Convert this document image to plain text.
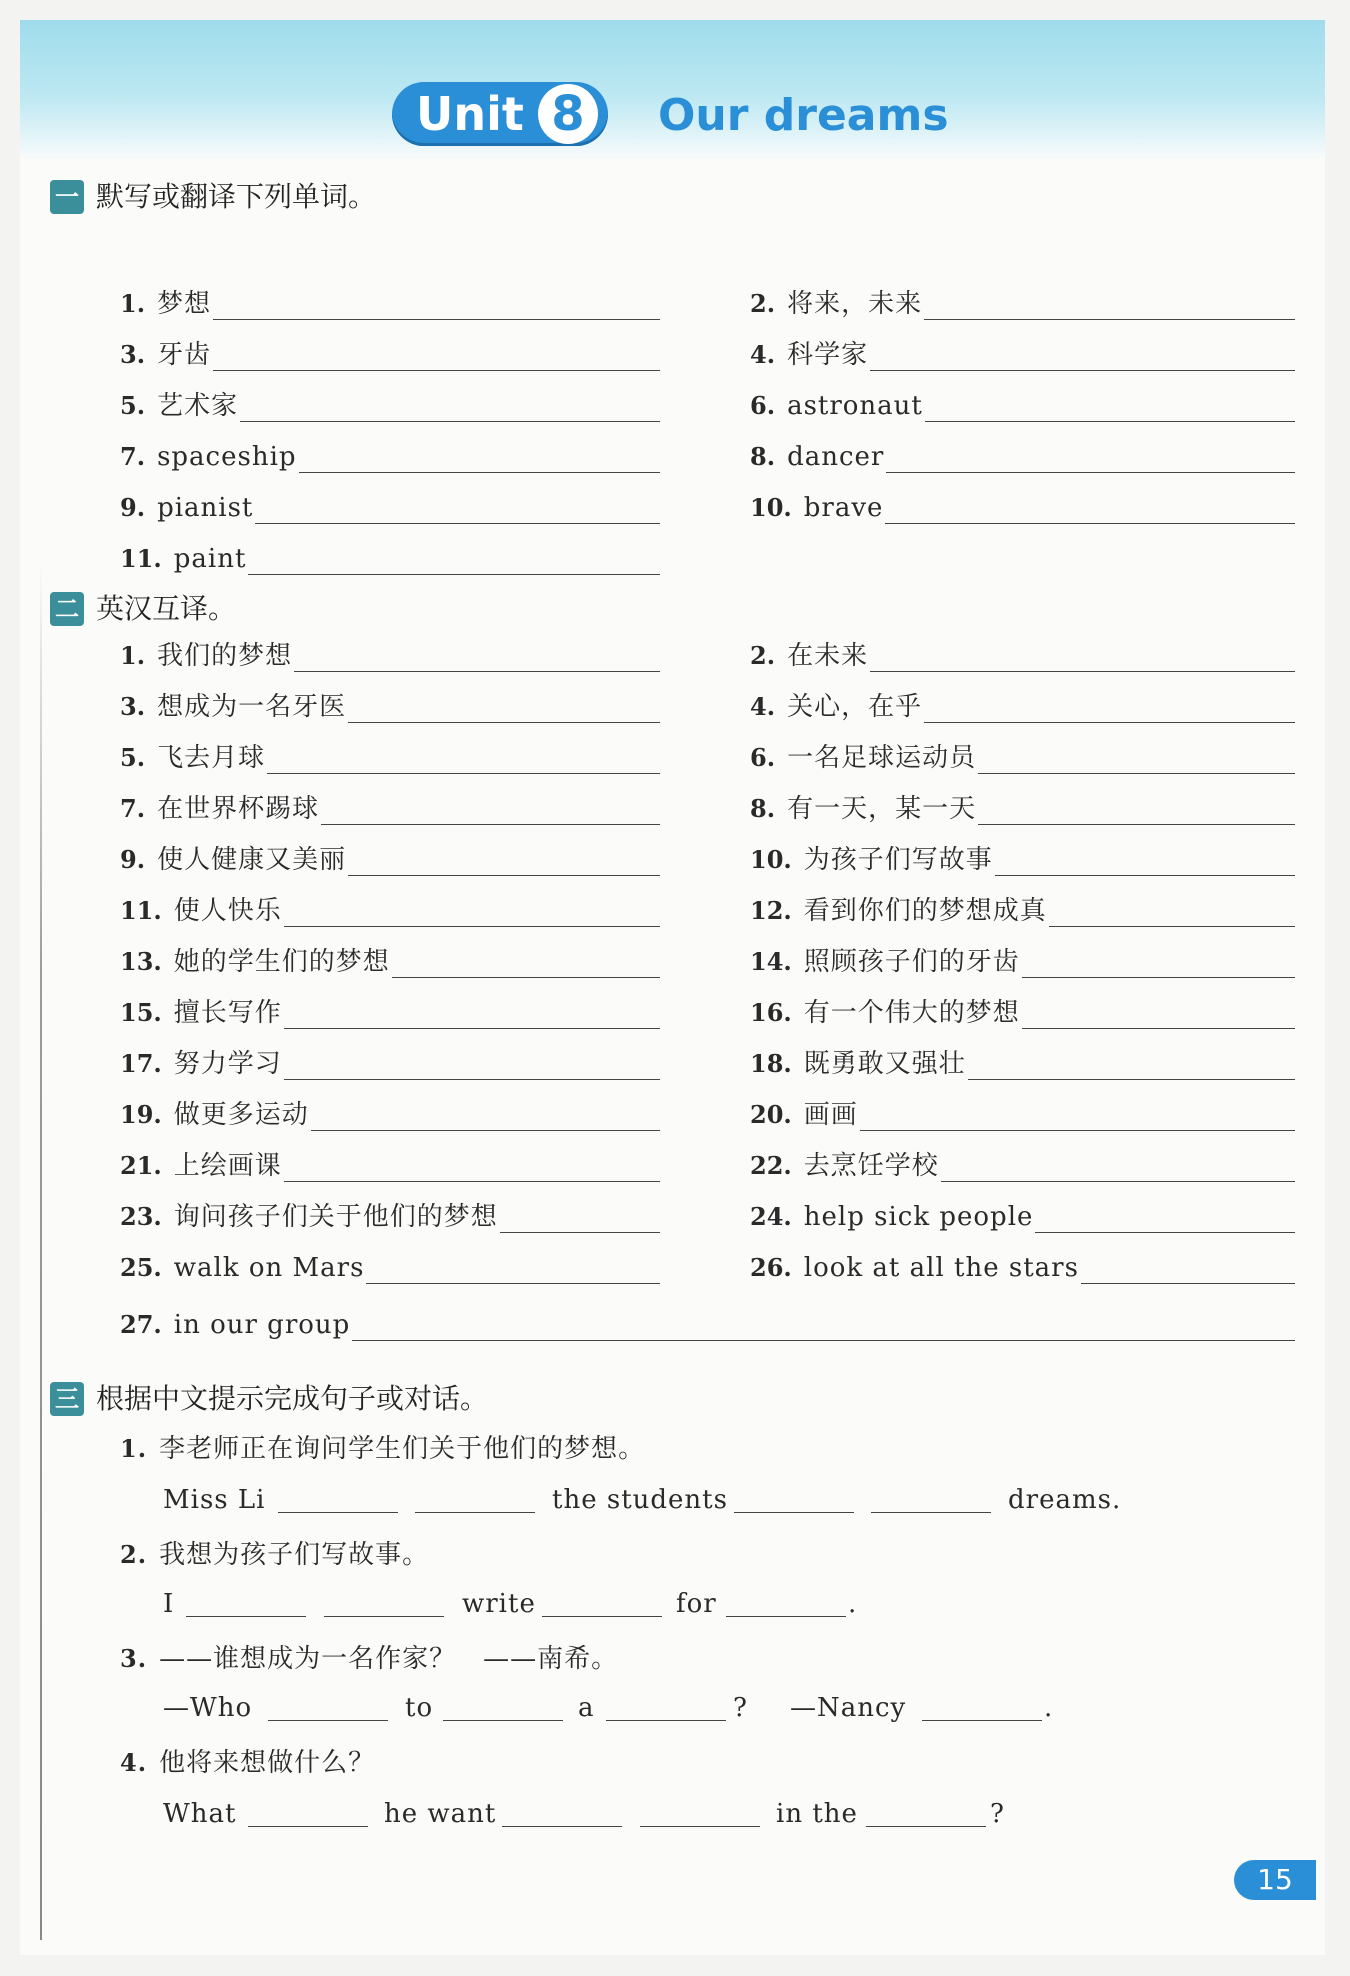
Unit 8	Our dreams
一 默写或翻译下列单词。
1. 梦想	2. 将来，未来
3. 牙齿	4. 科学家
5. 艺术家	6. astronaut
7. spaceship	8. dancer
9. pianist	10. brave
11. paint
二 英汉互译。
1. 我们的梦想	2. 在未来
3. 想成为一名牙医	4. 关心，在乎
5. 飞去月球	6. 一名足球运动员
7. 在世界杯踢球	8. 有一天，某一天
9. 使人健康又美丽	10. 为孩子们写故事
11. 使人快乐	12. 看到你们的梦想成真
13. 她的学生们的梦想	14. 照顾孩子们的牙齿
15. 擅长写作	16. 有一个伟大的梦想
17. 努力学习	18. 既勇敢又强壮
19. 做更多运动	20. 画画
21. 上绘画课	22. 去烹饪学校
23. 询问孩子们关于他们的梦想	24. help sick people
25. walk on Mars	26. look at all the stars
27. in our group
三 根据中文提示完成句子或对话。
1. 李老师正在询问学生们关于他们的梦想。
Miss Li	the students	dreams.
2. 我想为孩子们写故事。
I	write	for	.
3. ——谁想成为一名作家？　——南希。
—Who	to	a	? —Nancy	.
4. 他将来想做什么？
What	he want	in the	?
15
